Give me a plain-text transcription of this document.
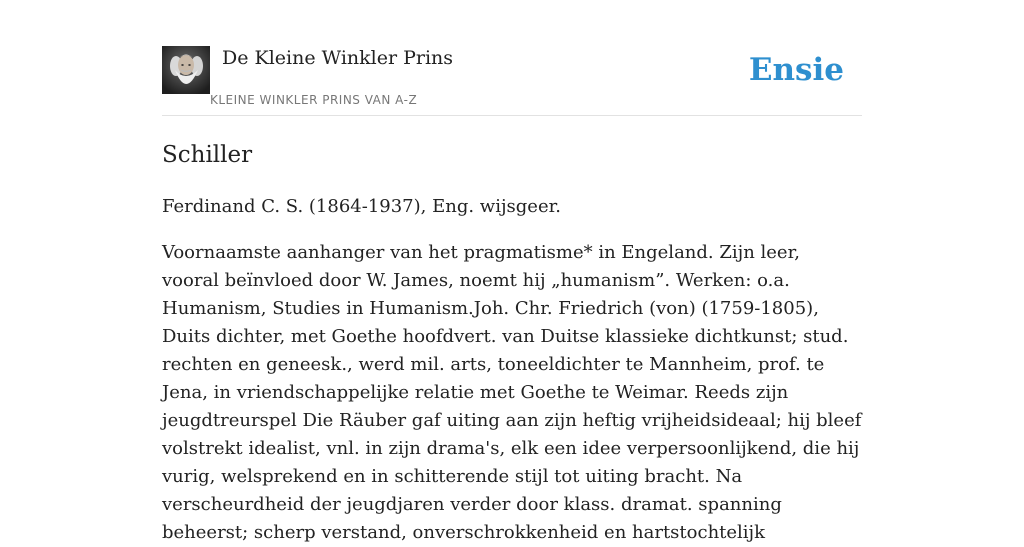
De Kleine Winkler Prins
KLEINE WINKLER PRINS VAN A-Z
Ensie
Schiller

Ferdinand C. S. (1864-1937), Eng. wijsgeer.

Voornaamste aanhanger van het pragmatisme* in Engeland. Zijn leer, vooral beïnvloed door W. James, noemt hij „humanism”. Werken: o.a. Humanism, Studies in Humanism.Joh. Chr. Friedrich (von) (1759-1805), Duits dichter, met Goethe hoofdvert. van Duitse klassieke dichtkunst; stud. rechten en geneesk., werd mil. arts, toneeldichter te Mannheim, prof. te Jena, in vriendschappelijke relatie met Goethe te Weimar. Reeds zijn jeugdtreurspel Die Räuber gaf uiting aan zijn heftig vrijheidsideaal; hij bleef volstrekt idealist, vnl. in zijn drama's, elk een idee verpersoonlijkend, die hij vurig, welsprekend en in schitterende stijl tot uiting bracht. Na verscheurdheid der jeugdjaren verder door klass. dramat. spanning beheerst; scherp verstand, onverschrokkenheid en hartstochtelijk
